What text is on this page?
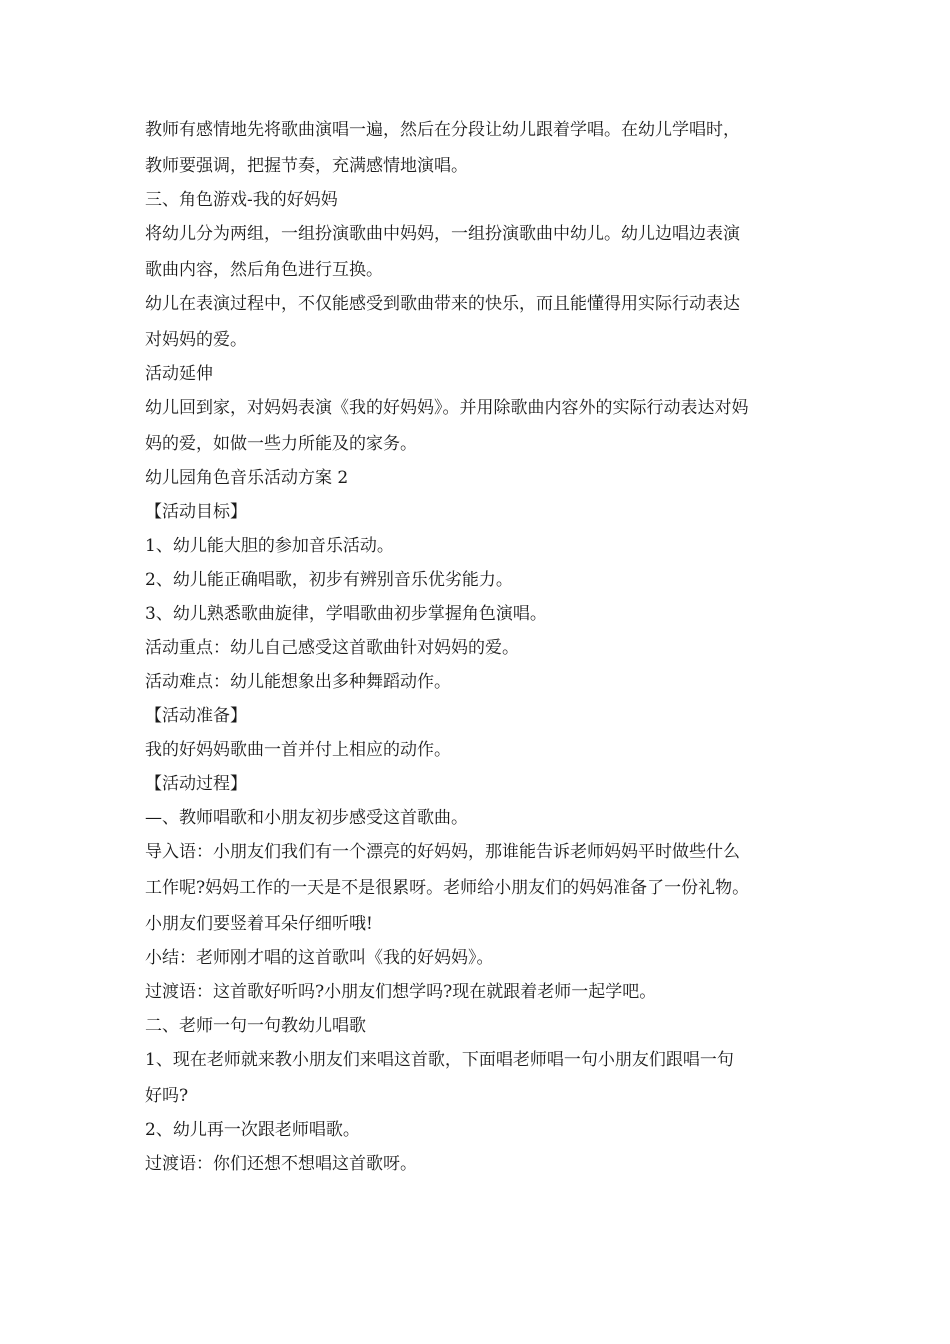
教师有感情地先将歌曲演唱一遍，然后在分段让幼儿跟着学唱。在幼儿学唱时，

教师要强调，把握节奏，充满感情地演唱。

三、角色游戏-我的好妈妈

将幼儿分为两组，一组扮演歌曲中妈妈，一组扮演歌曲中幼儿。幼儿边唱边表演

歌曲内容，然后角色进行互换。

幼儿在表演过程中，不仅能感受到歌曲带来的快乐，而且能懂得用实际行动表达

对妈妈的爱。

活动延伸

幼儿回到家，对妈妈表演《我的好妈妈》。并用除歌曲内容外的实际行动表达对妈

妈的爱，如做一些力所能及的家务。

幼儿园角色音乐活动方案 2

【活动目标】

1、幼儿能大胆的参加音乐活动。

2、幼儿能正确唱歌，初步有辨别音乐优劣能力。

3、幼儿熟悉歌曲旋律，学唱歌曲初步掌握角色演唱。

活动重点：幼儿自己感受这首歌曲针对妈妈的爱。

活动难点：幼儿能想象出多种舞蹈动作。

【活动准备】

我的好妈妈歌曲一首并付上相应的动作。

【活动过程】

—、教师唱歌和小朋友初步感受这首歌曲。

导入语：小朋友们我们有一个漂亮的好妈妈，那谁能告诉老师妈妈平时做些什么

工作呢?妈妈工作的一天是不是很累呀。老师给小朋友们的妈妈准备了一份礼物。

小朋友们要竖着耳朵仔细听哦!

小结：老师刚才唱的这首歌叫《我的好妈妈》。

过渡语：这首歌好听吗?小朋友们想学吗?现在就跟着老师一起学吧。

二、老师一句一句教幼儿唱歌

1、现在老师就来教小朋友们来唱这首歌，下面唱老师唱一句小朋友们跟唱一句

好吗?

2、幼儿再一次跟老师唱歌。

过渡语：你们还想不想唱这首歌呀。
